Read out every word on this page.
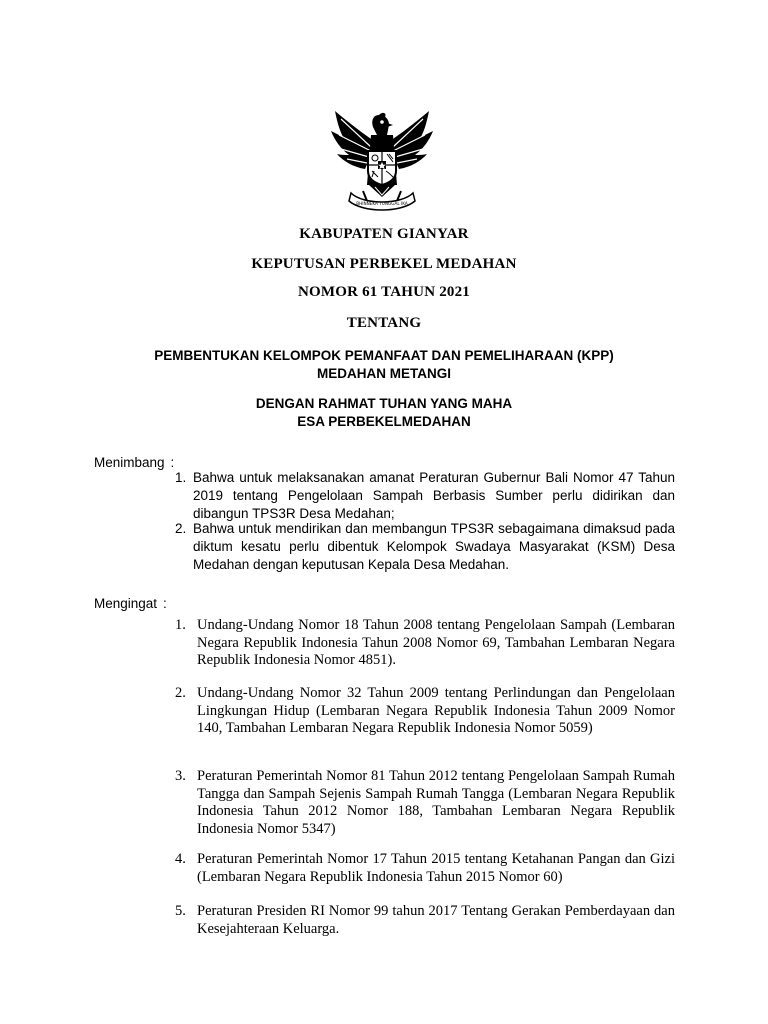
BHINNEKA TUNGGAL IKA
KABUPATEN GIANYAR
KEPUTUSAN PERBEKEL MEDAHAN
NOMOR 61 TAHUN 2021
TENTANG
PEMBENTUKAN KELOMPOK PEMANFAAT DAN PEMELIHARAAN (KPP)
MEDAHAN METANGI
DENGAN RAHMAT TUHAN YANG MAHA
ESA PERBEKELMEDAHAN
Menimbang :
1. Bahwa untuk melaksanakan amanat Peraturan Gubernur Bali Nomor 47 Tahun 2019 tentang Pengelolaan Sampah Berbasis Sumber perlu didirikan dan dibangun TPS3R Desa Medahan;
2. Bahwa untuk mendirikan dan membangun TPS3R sebagaimana dimaksud pada diktum kesatu perlu dibentuk Kelompok Swadaya Masyarakat (KSM) Desa Medahan dengan keputusan Kepala Desa Medahan.
Mengingat :
1. Undang-Undang Nomor 18 Tahun 2008 tentang Pengelolaan Sampah (Lembaran Negara Republik Indonesia Tahun 2008 Nomor 69, Tambahan Lembaran Negara Republik Indonesia Nomor 4851).
2. Undang-Undang Nomor 32 Tahun 2009 tentang Perlindungan dan Pengelolaan Lingkungan Hidup (Lembaran Negara Republik Indonesia Tahun 2009 Nomor 140, Tambahan Lembaran Negara Republik Indonesia Nomor 5059)
3. Peraturan Pemerintah Nomor 81 Tahun 2012 tentang Pengelolaan Sampah Rumah Tangga dan Sampah Sejenis Sampah Rumah Tangga (Lembaran Negara Republik Indonesia Tahun 2012 Nomor 188, Tambahan Lembaran Negara Republik Indonesia Nomor 5347)
4. Peraturan Pemerintah Nomor 17 Tahun 2015 tentang Ketahanan Pangan dan Gizi (Lembaran Negara Republik Indonesia Tahun 2015 Nomor 60)
5. Peraturan Presiden RI Nomor 99 tahun 2017 Tentang Gerakan Pemberdayaan dan Kesejahteraan Keluarga.
